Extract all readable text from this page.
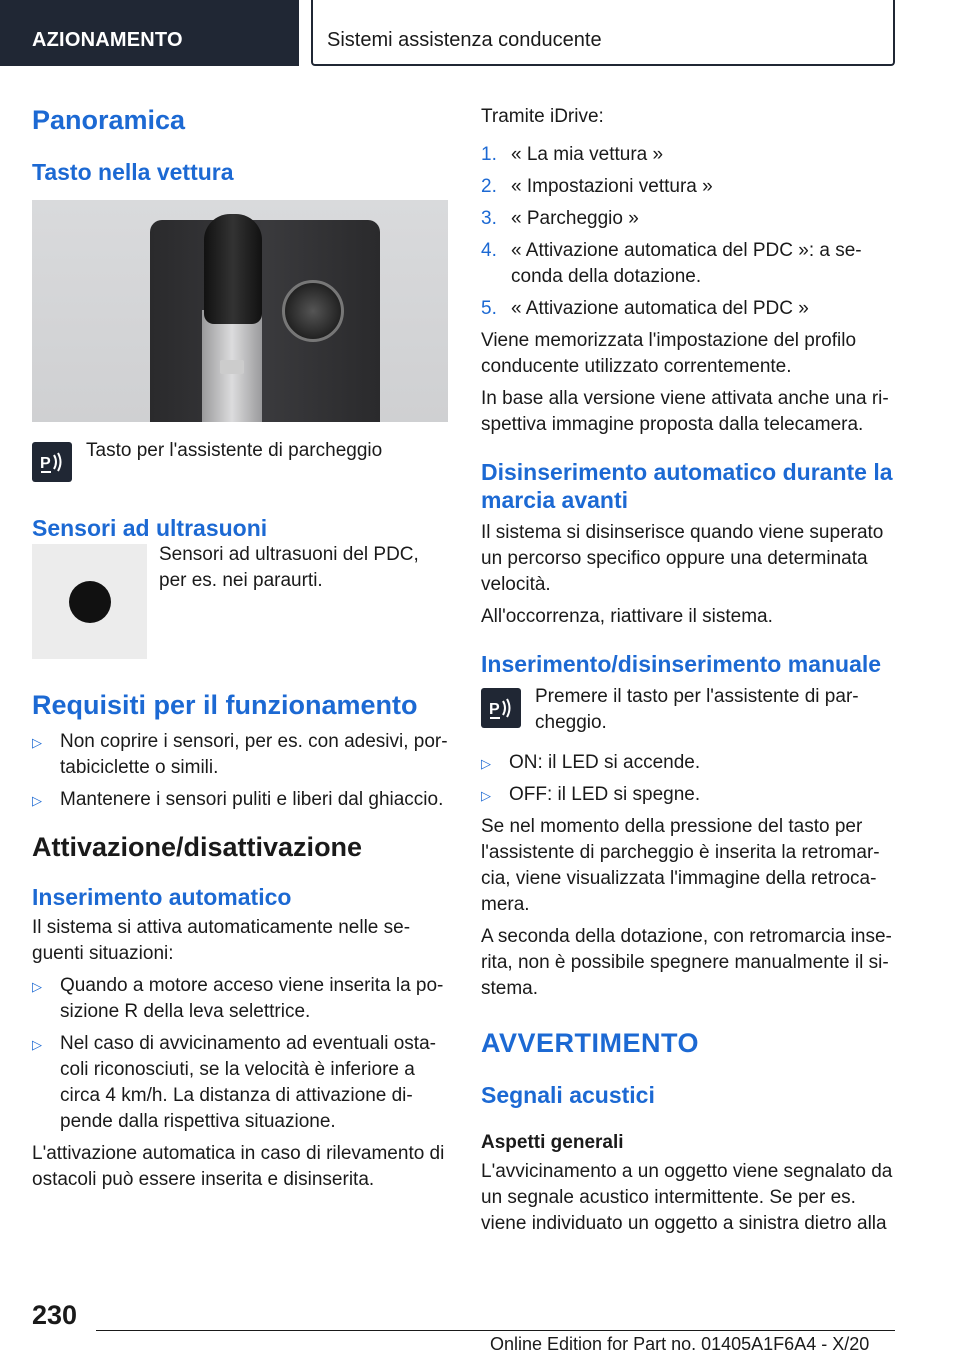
AZIONAMENTO	Sistemi assistenza conducente
Panoramica
Tasto nella vettura
P

Tasto per l'assistente di parcheggio

Sensori ad ultrasuoni

Sensori ad ultrasuoni del PDC, per es. nei paraurti.

Requisiti per il funzionamento
▷ Non coprire i sensori, per es. con adesivi, por-tabiciclette o simili.
▷ Mantenere i sensori puliti e liberi dal ghiaccio.
Attivazione/disattivazione
Inserimento automatico

Il sistema si attiva automaticamente nelle se-guenti situazioni:

▷ Quando a motore acceso viene inserita la po-sizione R della leva selettrice.
▷ Nel caso di avvicinamento ad eventuali osta-coli riconosciuti, se la velocità è inferiore a circa 4 km/h. La distanza di attivazione di-pende dalla rispettiva situazione.

L'attivazione automatica in caso di rilevamento di ostacoli può essere inserita e disinserita.

Tramite iDrive:

1. « La mia vettura »
2. « Impostazioni vettura »
3. « Parcheggio »
4. « Attivazione automatica del PDC »: a se-conda della dotazione.
5. « Attivazione automatica del PDC »

Viene memorizzata l'impostazione del profilo conducente utilizzato correntemente.

In base alla versione viene attivata anche una ri-spettiva immagine proposta dalla telecamera.

Disinserimento automatico durante la marcia avanti

Il sistema si disinserisce quando viene superato un percorso specifico oppure una determinata velocità.

All'occorrenza, riattivare il sistema.

Inserimento/disinserimento manuale
P

Premere il tasto per l'assistente di par-cheggio.

▷ ON: il LED si accende.
▷ OFF: il LED si spegne.

Se nel momento della pressione del tasto per l'assistente di parcheggio è inserita la retromar-cia, viene visualizzata l'immagine della retroca-mera.

A seconda della dotazione, con retromarcia inse-rita, non è possibile spegnere manualmente il si-stema.

AVVERTIMENTO
Segnali acustici
Aspetti generali

L'avvicinamento a un oggetto viene segnalato da un segnale acustico intermittente. Se per es. viene individuato un oggetto a sinistra dietro alla

230
Online Edition for Part no. 01405A1F6A4 - X/20
